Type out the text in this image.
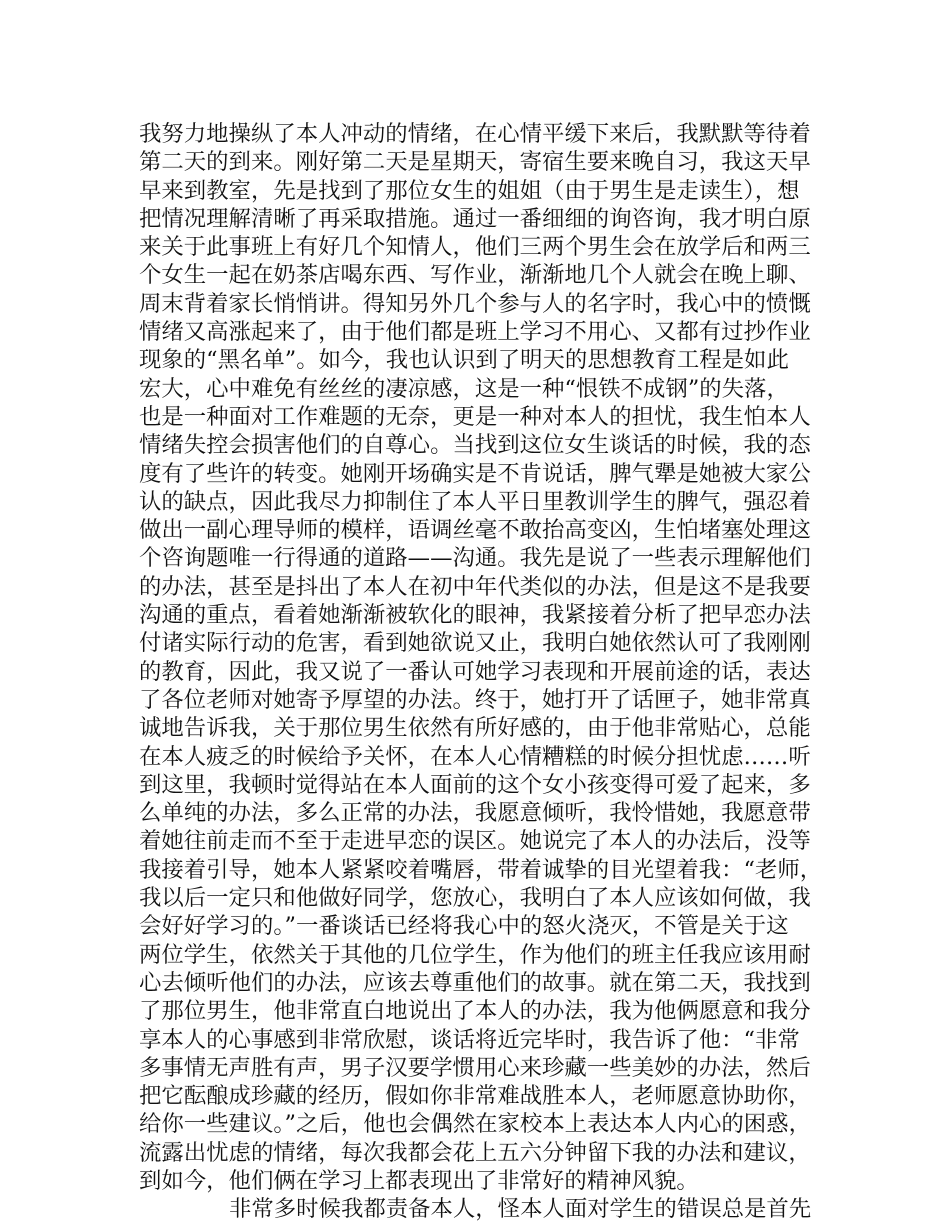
我努力地操纵了本人冲动的情绪，在心情平缓下来后，我默默等待着
第二天的到来。刚好第二天是星期天，寄宿生要来晚自习，我这天早
早来到教室，先是找到了那位女生的姐姐（由于男生是走读生），想
把情况理解清晰了再采取措施。通过一番细细的询咨询，我才明白原
来关于此事班上有好几个知情人，他们三两个男生会在放学后和两三
个女生一起在奶茶店喝东西、写作业，渐渐地几个人就会在晚上聊、
周末背着家长悄悄讲。得知另外几个参与人的名字时，我心中的愤慨
情绪又高涨起来了，由于他们都是班上学习不用心、又都有过抄作业
现象的“黑名单”。如今，我也认识到了明天的思想教育工程是如此
宏大，心中难免有丝丝的凄凉感，这是一种“恨铁不成钢”的失落，
也是一种面对工作难题的无奈，更是一种对本人的担忧，我生怕本人
情绪失控会损害他们的自尊心。当找到这位女生谈话的时候，我的态
度有了些许的转变。她刚开场确实是不肯说话，脾气犟是她被大家公
认的缺点，因此我尽力抑制住了本人平日里教训学生的脾气，强忍着
做出一副心理导师的模样，语调丝毫不敢抬高变凶，生怕堵塞处理这
个咨询题唯一行得通的道路——沟通。我先是说了一些表示理解他们
的办法，甚至是抖出了本人在初中年代类似的办法，但是这不是我要
沟通的重点，看着她渐渐被软化的眼神，我紧接着分析了把早恋办法
付诸实际行动的危害，看到她欲说又止，我明白她依然认可了我刚刚
的教育，因此，我又说了一番认可她学习表现和开展前途的话，表达
了各位老师对她寄予厚望的办法。终于，她打开了话匣子，她非常真
诚地告诉我，关于那位男生依然有所好感的，由于他非常贴心，总能
在本人疲乏的时候给予关怀，在本人心情糟糕的时候分担忧虑……听
到这里，我顿时觉得站在本人面前的这个女小孩变得可爱了起来，多
么单纯的办法，多么正常的办法，我愿意倾听，我怜惜她，我愿意带
着她往前走而不至于走进早恋的误区。她说完了本人的办法后，没等
我接着引导，她本人紧紧咬着嘴唇，带着诚挚的目光望着我：“老师，
我以后一定只和他做好同学，您放心，我明白了本人应该如何做，我
会好好学习的。”一番谈话已经将我心中的怒火浇灭，不管是关于这
两位学生，依然关于其他的几位学生，作为他们的班主任我应该用耐
心去倾听他们的办法，应该去尊重他们的故事。就在第二天，我找到
了那位男生，他非常直白地说出了本人的办法，我为他俩愿意和我分
享本人的心事感到非常欣慰，谈话将近完毕时，我告诉了他：“非常
多事情无声胜有声，男子汉要学惯用心来珍藏一些美妙的办法，然后
把它酝酿成珍藏的经历，假如你非常难战胜本人，老师愿意协助你，
给你一些建议。”之后，他也会偶然在家校本上表达本人内心的困惑，
流露出忧虑的情绪，每次我都会花上五六分钟留下我的办法和建议，
到如今，他们俩在学习上都表现出了非常好的精神风貌。
非常多时候我都责备本人，怪本人面对学生的错误总是首先
